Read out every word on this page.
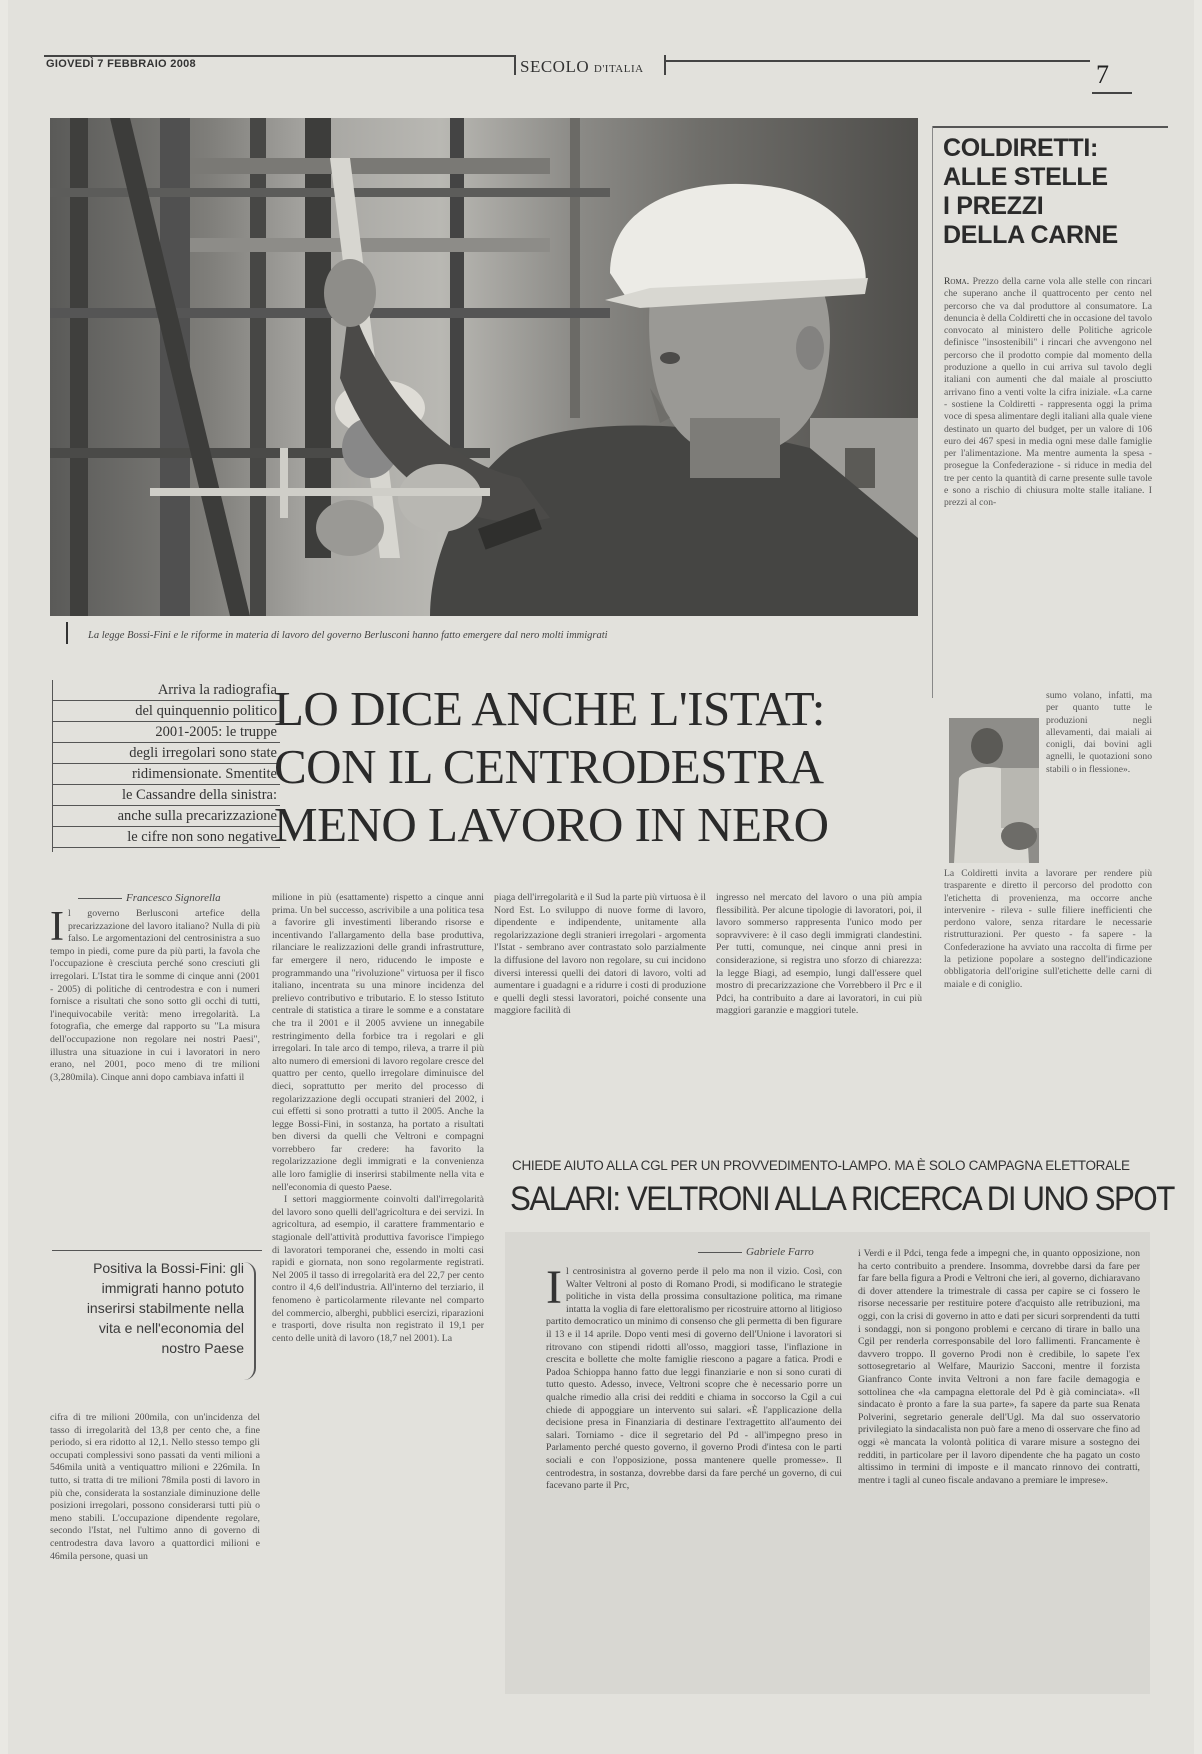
GIOVEDÌ 7 FEBBRAIO 2008	SECOLO D'ITALIA	7
La legge Bossi-Fini e le riforme in materia di lavoro del governo Berlusconi hanno fatto emergere dal nero molti immigrati
Arriva la radiografia
del quinquennio politico
2001-2005: le truppe
degli irregolari sono state
ridimensionate. Smentite
le Cassandre della sinistra:
anche sulla precarizzazione
le cifre non sono negative
LO DICE ANCHE L'ISTAT:
CON IL CENTRODESTRA
MENO LAVORO IN NERO
COLDIRETTI:
ALLE STELLE
I PREZZI
DELLA CARNE
Roma. Prezzo della carne vola alle stelle con rincari che superano anche il quattrocento per cento nel percorso che va dal produttore al consumatore. La denuncia è della Coldiretti che in occasione del tavolo convocato al ministero delle Politiche agricole definisce "insostenibili" i rincari che avvengono nel percorso che il prodotto compie dal momento della produzione a quello in cui arriva sul tavolo degli italiani con aumenti che dal maiale al prosciutto arrivano fino a venti volte la cifra iniziale. «La carne - sostiene la Coldiretti - rappresenta oggi la prima voce di spesa alimentare degli italiani alla quale viene destinato un quarto del budget, per un valore di 106 euro dei 467 spesi in media ogni mese dalle famiglie per l'alimentazione. Ma mentre aumenta la spesa - prosegue la Confederazione - si riduce in media del tre per cento la quantità di carne presente sulle tavole e sono a rischio di chiusura molte stalle italiane. I prezzi al con-
sumo volano, infatti, ma per quanto tutte le produzioni negli allevamenti, dai maiali ai conigli, dai bovini agli agnelli, le quotazioni sono stabili o in flessione».
La Coldiretti invita a lavorare per rendere più trasparente e diretto il percorso del prodotto con l'etichetta di provenienza, ma occorre anche intervenire - rileva - sulle filiere inefficienti che perdono valore, senza ritardare le necessarie ristrutturazioni. Per questo - fa sapere - la Confederazione ha avviato una raccolta di firme per la petizione popolare a sostegno dell'indicazione obbligatoria dell'origine sull'etichette delle carni di maiale e di coniglio.
Francesco Signorella
I l governo Berlusconi artefice della precarizzazione del lavoro italiano? Nulla di più falso. Le argomentazioni del centrosinistra a suo tempo in piedi, come pure da più parti, la favola che l'occupazione è cresciuta perché sono cresciuti gli irregolari. L'Istat tira le somme di cinque anni (2001 - 2005) di politiche di centrodestra e con i numeri fornisce a risultati che sono sotto gli occhi di tutti, l'inequivocabile verità: meno irregolarità. La fotografia, che emerge dal rapporto su "La misura dell'occupazione non regolare nei nostri Paesi", illustra una situazione in cui i lavoratori in nero erano, nel 2001, poco meno di tre milioni (3,280mila). Cinque anni dopo cambiava infatti il
Positiva la Bossi-Fini: gli immigrati hanno potuto inserirsi stabilmente nella vita e nell'economia del nostro Paese
cifra di tre milioni 200mila, con un'incidenza del tasso di irregolarità del 13,8 per cento che, a fine periodo, si era ridotto al 12,1. Nello stesso tempo gli occupati complessivi sono passati da venti milioni a 546mila unità a ventiquattro milioni e 226mila. In tutto, si tratta di tre milioni 78mila posti di lavoro in più che, considerata la sostanziale diminuzione delle posizioni irregolari, possono considerarsi tutti più o meno stabili. L'occupazione dipendente regolare, secondo l'Istat, nel l'ultimo anno di governo di centrodestra dava lavoro a quattordici milioni e 46mila persone, quasi un
milione in più (esattamente) rispetto a cinque anni prima. Un bel successo, ascrivibile a una politica tesa a favorire gli investimenti liberando risorse e incentivando l'allargamento della base produttiva, rilanciare le realizzazioni delle grandi infrastrutture, far emergere il nero, riducendo le imposte e programmando una "rivoluzione" virtuosa per il fisco italiano, incentrata su una minore incidenza del prelievo contributivo e tributario. E lo stesso Istituto centrale di statistica a tirare le somme e a constatare che tra il 2001 e il 2005 avviene un innegabile restringimento della forbice tra i regolari e gli irregolari. In tale arco di tempo, rileva, a trarre il più alto numero di emersioni di lavoro regolare cresce del quattro per cento, quello irregolare diminuisce del dieci, soprattutto per merito del processo di regolarizzazione degli occupati stranieri del 2002, i cui effetti si sono protratti a tutto il 2005. Anche la legge Bossi-Fini, in sostanza, ha portato a risultati ben diversi da quelli che Veltroni e compagni vorrebbero far credere: ha favorito la regolarizzazione degli immigrati e la convenienza alle loro famiglie di inserirsi stabilmente nella vita e nell'economia di questo Paese.
I settori maggiormente coinvolti dall'irregolarità del lavoro sono quelli dell'agricoltura e dei servizi. In agricoltura, ad esempio, il carattere frammentario e stagionale dell'attività produttiva favorisce l'impiego di lavoratori temporanei che, essendo in molti casi rapidi e giornata, non sono regolarmente registrati. Nel 2005 il tasso di irregolarità era del 22,7 per cento contro il 4,6 dell'industria. All'interno del terziario, il fenomeno è particolarmente rilevante nel comparto del commercio, alberghi, pubblici esercizi, riparazioni e trasporti, dove risulta non registrato il 19,1 per cento delle unità di lavoro (18,7 nel 2001). La
piaga dell'irregolarità e il Sud la parte più virtuosa è il Nord Est. Lo sviluppo di nuove forme di lavoro, dipendente e indipendente, unitamente alla regolarizzazione degli stranieri irregolari - argomenta l'Istat - sembrano aver contrastato solo parzialmente la diffusione del lavoro non regolare, su cui incidono diversi interessi quelli dei datori di lavoro, volti ad aumentare i guadagni e a ridurre i costi di produzione e quelli degli stessi lavoratori, poiché consente una maggiore facilità di
ingresso nel mercato del lavoro o una più ampia flessibilità. Per alcune tipologie di lavoratori, poi, il lavoro sommerso rappresenta l'unico modo per sopravvivere: è il caso degli immigrati clandestini. Per tutti, comunque, nei cinque anni presi in considerazione, si registra uno sforzo di chiarezza: la legge Biagi, ad esempio, lungi dall'essere quel mostro di precarizzazione che Vorrebbero il Prc e il Pdci, ha contribuito a dare ai lavoratori, in cui più maggiori garanzie e maggiori tutele.
CHIEDE AIUTO ALLA CGL PER UN PROVVEDIMENTO-LAMPO. MA È SOLO CAMPAGNA ELETTORALE
SALARI: VELTRONI ALLA RICERCA DI UNO SPOT
Gabriele Farro
I l centrosinistra al governo perde il pelo ma non il vizio. Così, con Walter Veltroni al posto di Romano Prodi, si modificano le strategie politiche in vista della prossima consultazione politica, ma rimane intatta la voglia di fare elettoralismo per ricostruire attorno al litigioso partito democratico un minimo di consenso che gli permetta di ben figurare il 13 e il 14 aprile. Dopo venti mesi di governo dell'Unione i lavoratori si ritrovano con stipendi ridotti all'osso, maggiori tasse, l'inflazione in crescita e bollette che molte famiglie riescono a pagare a fatica. Prodi e Padoa Schioppa hanno fatto due leggi finanziarie e non si sono curati di tutto questo. Adesso, invece, Veltroni scopre che è necessario porre un qualche rimedio alla crisi dei redditi e chiama in soccorso la Cgil a cui chiede di appoggiare un intervento sui salari. «È l'applicazione della decisione presa in Finanziaria di destinare l'extragettito all'aumento dei salari. Torniamo - dice il segretario del Pd - all'impegno preso in Parlamento perché questo governo, il governo Prodi d'intesa con le parti sociali e con l'opposizione, possa mantenere quelle promesse». Il centrodestra, in sostanza, dovrebbe darsi da fare perché un governo, di cui facevano parte il Prc,
i Verdi e il Pdci, tenga fede a impegni che, in quanto opposizione, non ha certo contribuito a prendere. Insomma, dovrebbe darsi da fare per far fare bella figura a Prodi e Veltroni che ieri, al governo, dichiaravano di dover attendere la trimestrale di cassa per capire se ci fossero le risorse necessarie per restituire potere d'acquisto alle retribuzioni, ma oggi, con la crisi di governo in atto e dati per sicuri sorprendenti da tutti i sondaggi, non si pongono problemi e cercano di tirare in ballo una Cgil per renderla corresponsabile del loro fallimenti. Francamente è davvero troppo. Il governo Prodi non è credibile, lo sapete l'ex sottosegretario al Welfare, Maurizio Sacconi, mentre il forzista Gianfranco Conte invita Veltroni a non fare facile demagogia e sottolinea che «la campagna elettorale del Pd è già cominciata». «Il sindacato è pronto a fare la sua parte», fa sapere da parte sua Renata Polverini, segretario generale dell'Ugl. Ma dal suo osservatorio privilegiato la sindacalista non può fare a meno di osservare che fino ad oggi «è mancata la volontà politica di varare misure a sostegno dei redditi, in particolare per il lavoro dipendente che ha pagato un costo altissimo in termini di imposte e il mancato rinnovo dei contratti, mentre i tagli al cuneo fiscale andavano a premiare le imprese».
